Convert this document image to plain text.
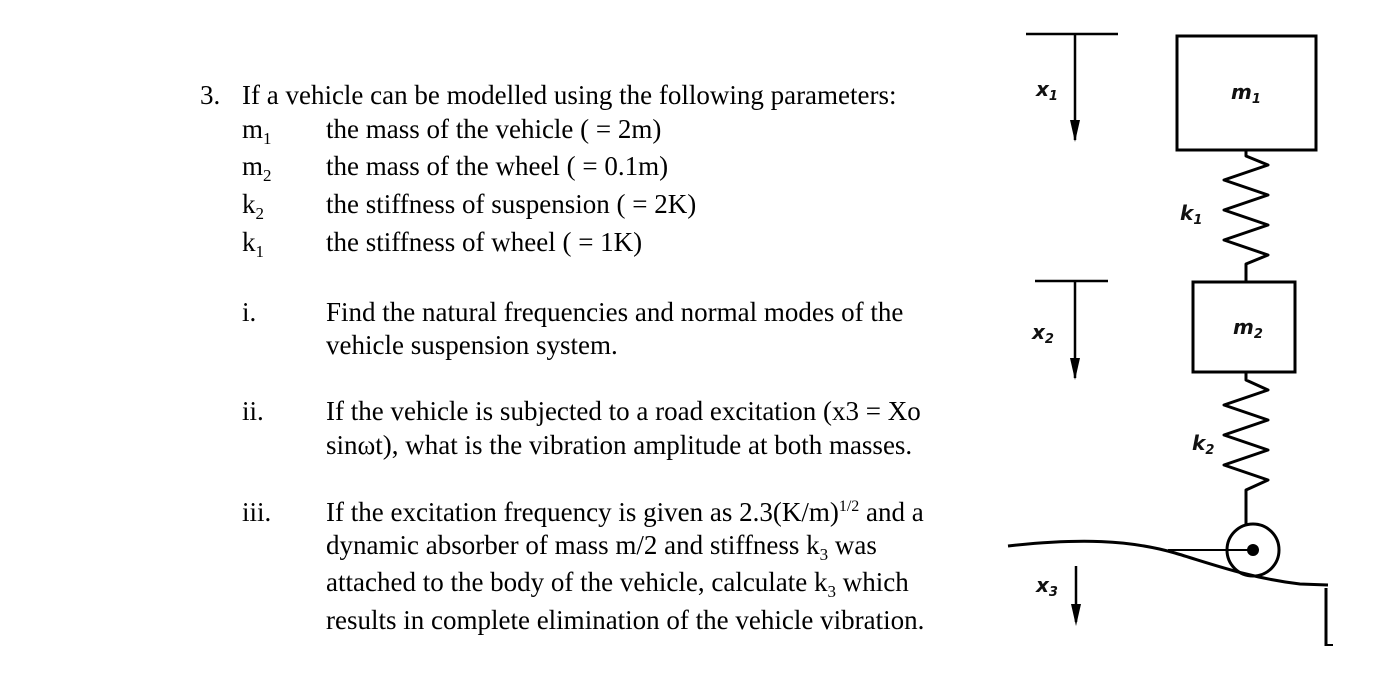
3. If a vehicle can be modelled using the following parameters:
$m_1$ the mass of the vehicle ( = 2m)
$m_2$ the mass of the wheel ( = 0.1m)
$k_2$ the stiffness of suspension ( = 2K)
$k_1$ the stiffness of wheel ( = 1K)
i.	Find the natural frequencies and normal modes of the
vehicle suspension system.
ii. If the vehicle is subjected to a road excitation (x3 = Xo
sinωt), what is the vibration amplitude at both masses.
iii. If the excitation frequency is given as $2.3(K/m)^{1/2}$ and a
dynamic absorber of mass m/2 and stiffness $k_3$ was
attached to the body of the vehicle, calculate $k_3$ which
results in complete elimination of the vehicle vibration.
$x_1$	$m_1$
$k_1$
$x_2$
$m_2$
$k_2$
$x_3$
